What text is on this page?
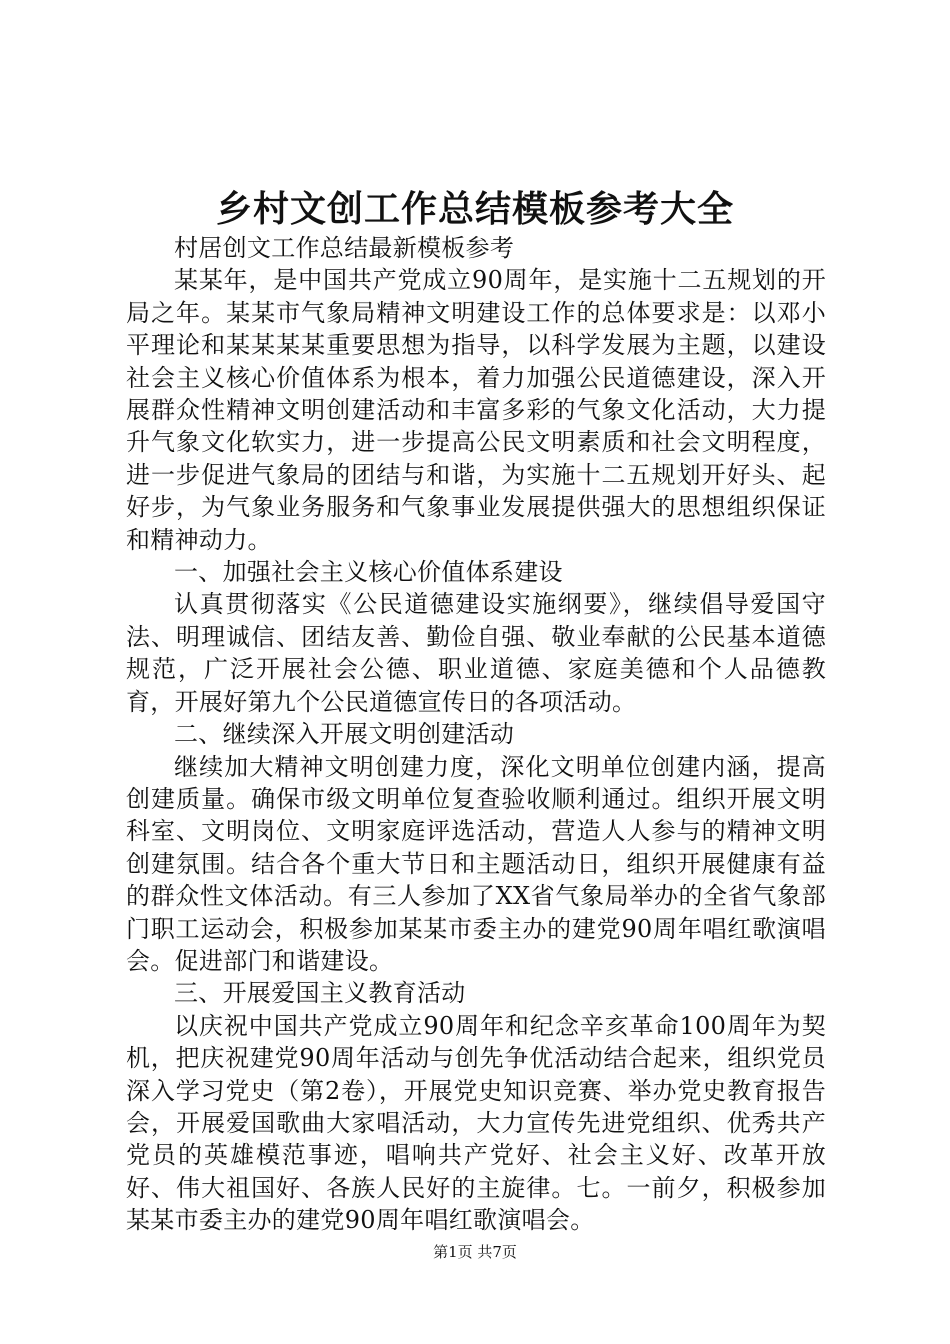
乡村文创工作总结模板参考大全

村居创文工作总结最新模板参考

某某年，是中国共产党成立90周年，是实施十二五规划的开局之年。某某市气象局精神文明建设工作的总体要求是：以邓小平理论和某某某某重要思想为指导，以科学发展为主题，以建设社会主义核心价值体系为根本，着力加强公民道德建设，深入开展群众性精神文明创建活动和丰富多彩的气象文化活动，大力提升气象文化软实力，进一步提高公民文明素质和社会文明程度，进一步促进气象局的团结与和谐，为实施十二五规划开好头、起好步，为气象业务服务和气象事业发展提供强大的思想组织保证和精神动力。

一、加强社会主义核心价值体系建设

认真贯彻落实《公民道德建设实施纲要》，继续倡导爱国守法、明理诚信、团结友善、勤俭自强、敬业奉献的公民基本道德规范，广泛开展社会公德、职业道德、家庭美德和个人品德教育，开展好第九个公民道德宣传日的各项活动。

二、继续深入开展文明创建活动

继续加大精神文明创建力度，深化文明单位创建内涵，提高创建质量。确保市级文明单位复查验收顺利通过。组织开展文明科室、文明岗位、文明家庭评选活动，营造人人参与的精神文明创建氛围。结合各个重大节日和主题活动日，组织开展健康有益的群众性文体活动。有三人参加了XX省气象局举办的全省气象部门职工运动会，积极参加某某市委主办的建党90周年唱红歌演唱会。促进部门和谐建设。

三、开展爱国主义教育活动

以庆祝中国共产党成立90周年和纪念辛亥革命100周年为契机，把庆祝建党90周年活动与创先争优活动结合起来，组织党员深入学习党史（第2卷），开展党史知识竞赛、举办党史教育报告会，开展爱国歌曲大家唱活动，大力宣传先进党组织、优秀共产党员的英雄模范事迹，唱响共产党好、社会主义好、改革开放好、伟大祖国好、各族人民好的主旋律。七。一前夕，积极参加某某市委主办的建党90周年唱红歌演唱会。

第1页 共7页
